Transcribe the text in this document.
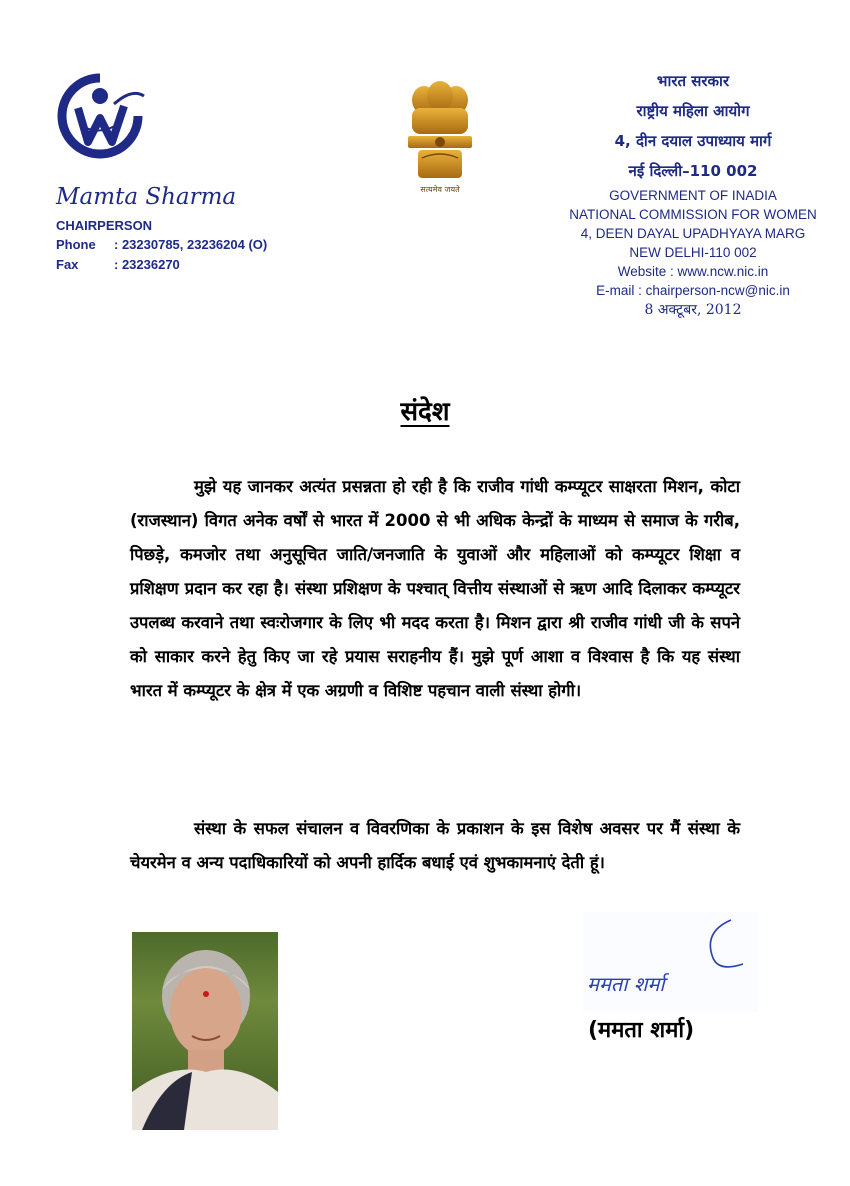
Mamta Sharma
CHAIRPERSON
Phone : 23230785, 23236204 (O)
Fax	: 23236270
सत्यमेव जयते
भारत सरकार
राष्ट्रीय महिला आयोग
4, दीन दयाल उपाध्याय मार्ग
नई दिल्ली–110 002
GOVERNMENT OF INADIA
NATIONAL COMMISSION FOR WOMEN
4, DEEN DAYAL UPADHYAYA MARG
NEW DELHI-110 002
Website : www.ncw.nic.in
E-mail : chairperson-ncw@nic.in
8 अक्टूबर, 2012
संदेश
मुझे यह जानकर अत्यंत प्रसन्नता हो रही है कि राजीव गांधी कम्प्यूटर साक्षरता मिशन, कोटा (राजस्थान) विगत अनेक वर्षों से भारत में 2000 से भी अधिक केन्द्रों के माध्यम से समाज के गरीब, पिछड़े, कमजोर तथा अनुसूचित जाति/जनजाति के युवाओं और महिलाओं को कम्प्यूटर शिक्षा व प्रशिक्षण प्रदान कर रहा है। संस्था प्रशिक्षण के पश्चात् वित्तीय संस्थाओं से ऋण आदि दिलाकर कम्प्यूटर उपलब्ध करवाने तथा स्वःरोजगार के लिए भी मदद करता है। मिशन द्वारा श्री राजीव गांधी जी के सपने को साकार करने हेतु किए जा रहे प्रयास सराहनीय हैं। मुझे पूर्ण आशा व विश्वास है कि यह संस्था भारत में कम्प्यूटर के क्षेत्र में एक अग्रणी व विशिष्ट पहचान वाली संस्था होगी।
संस्था के सफल संचालन व विवरणिका के प्रकाशन के इस विशेष अवसर पर मैं संस्था के चेयरमेन व अन्य पदाधिकारियों को अपनी हार्दिक बधाई एवं शुभकामनाएं देती हूं।
ममता शर्मा
(ममता शर्मा)
